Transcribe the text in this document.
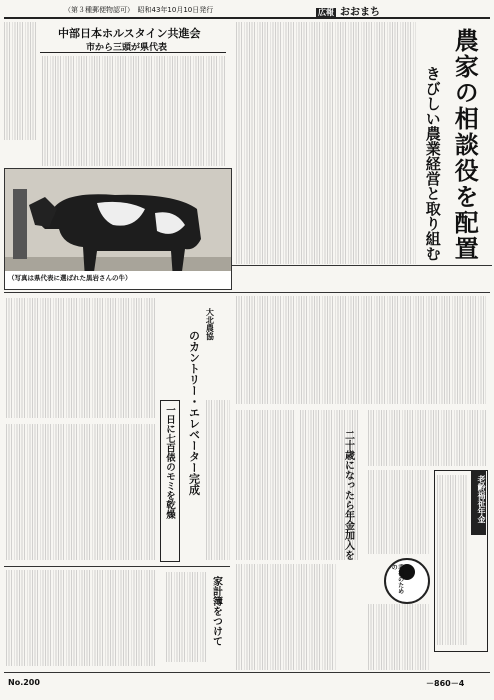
（第３種郵便物認可）　昭和43年10月10日発行	広報 おおまち
農家の相談役を配置
きびしい農業経営と取り組む
中部日本ホルスタイン共進会
市から三頭が県代表
（写真は県代表に選ばれた黒岩さんの牛）
大北農協
のカントリー・エレベーター完成
一日に七百俵のモミを乾燥	老齢福祉年金
幸福のための
二十歳になったら年金加入を
家計簿をつけて
No.200	－860－4
